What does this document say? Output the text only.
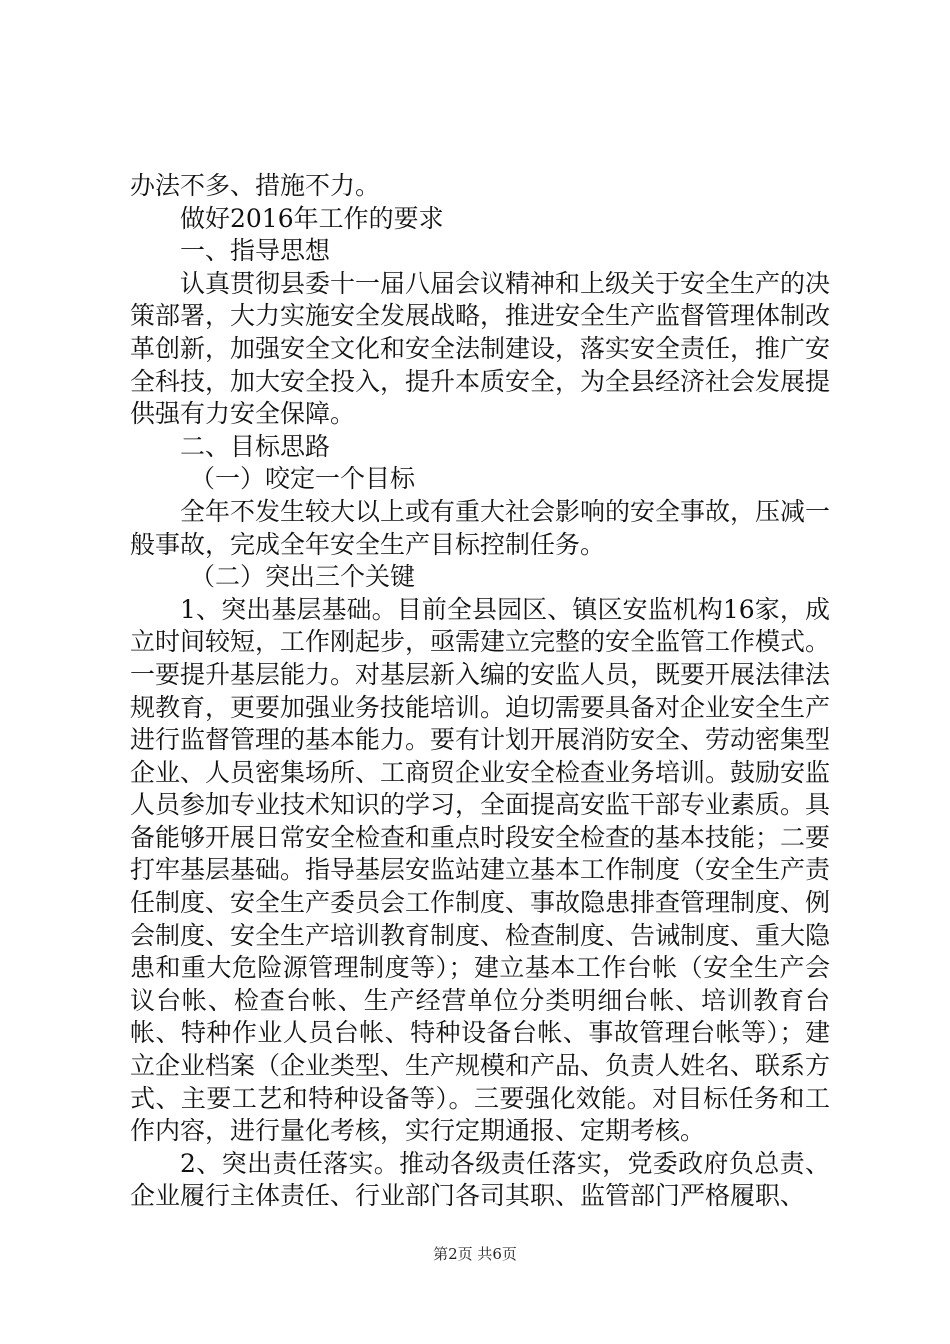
办法不多、措施不力。

做好2016年工作的要求

一、指导思想

认真贯彻县委十一届八届会议精神和上级关于安全生产的决策部署，大力实施安全发展战略，推进安全生产监督管理体制改革创新，加强安全文化和安全法制建设，落实安全责任，推广安全科技，加大安全投入，提升本质安全，为全县经济社会发展提供强有力安全保障。

二、目标思路

（一）咬定一个目标

全年不发生较大以上或有重大社会影响的安全事故，压减一般事故，完成全年安全生产目标控制任务。

（二）突出三个关键

1、突出基层基础。目前全县园区、镇区安监机构16家，成立时间较短，工作刚起步，亟需建立完整的安全监管工作模式。一要提升基层能力。对基层新入编的安监人员，既要开展法律法规教育，更要加强业务技能培训。迫切需要具备对企业安全生产进行监督管理的基本能力。要有计划开展消防安全、劳动密集型企业、人员密集场所、工商贸企业安全检查业务培训。鼓励安监人员参加专业技术知识的学习，全面提高安监干部专业素质。具备能够开展日常安全检查和重点时段安全检查的基本技能；二要打牢基层基础。指导基层安监站建立基本工作制度（安全生产责任制度、安全生产委员会工作制度、事故隐患排查管理制度、例会制度、安全生产培训教育制度、检查制度、告诫制度、重大隐患和重大危险源管理制度等）；建立基本工作台帐（安全生产会议台帐、检查台帐、生产经营单位分类明细台帐、培训教育台帐、特种作业人员台帐、特种设备台帐、事故管理台帐等）；建立企业档案（企业类型、生产规模和产品、负责人姓名、联系方式、主要工艺和特种设备等）。三要强化效能。对目标任务和工作内容，进行量化考核，实行定期通报、定期考核。

2、突出责任落实。推动各级责任落实，党委政府负总责、企业履行主体责任、行业部门各司其职、监管部门严格履职、

第2页 共6页
